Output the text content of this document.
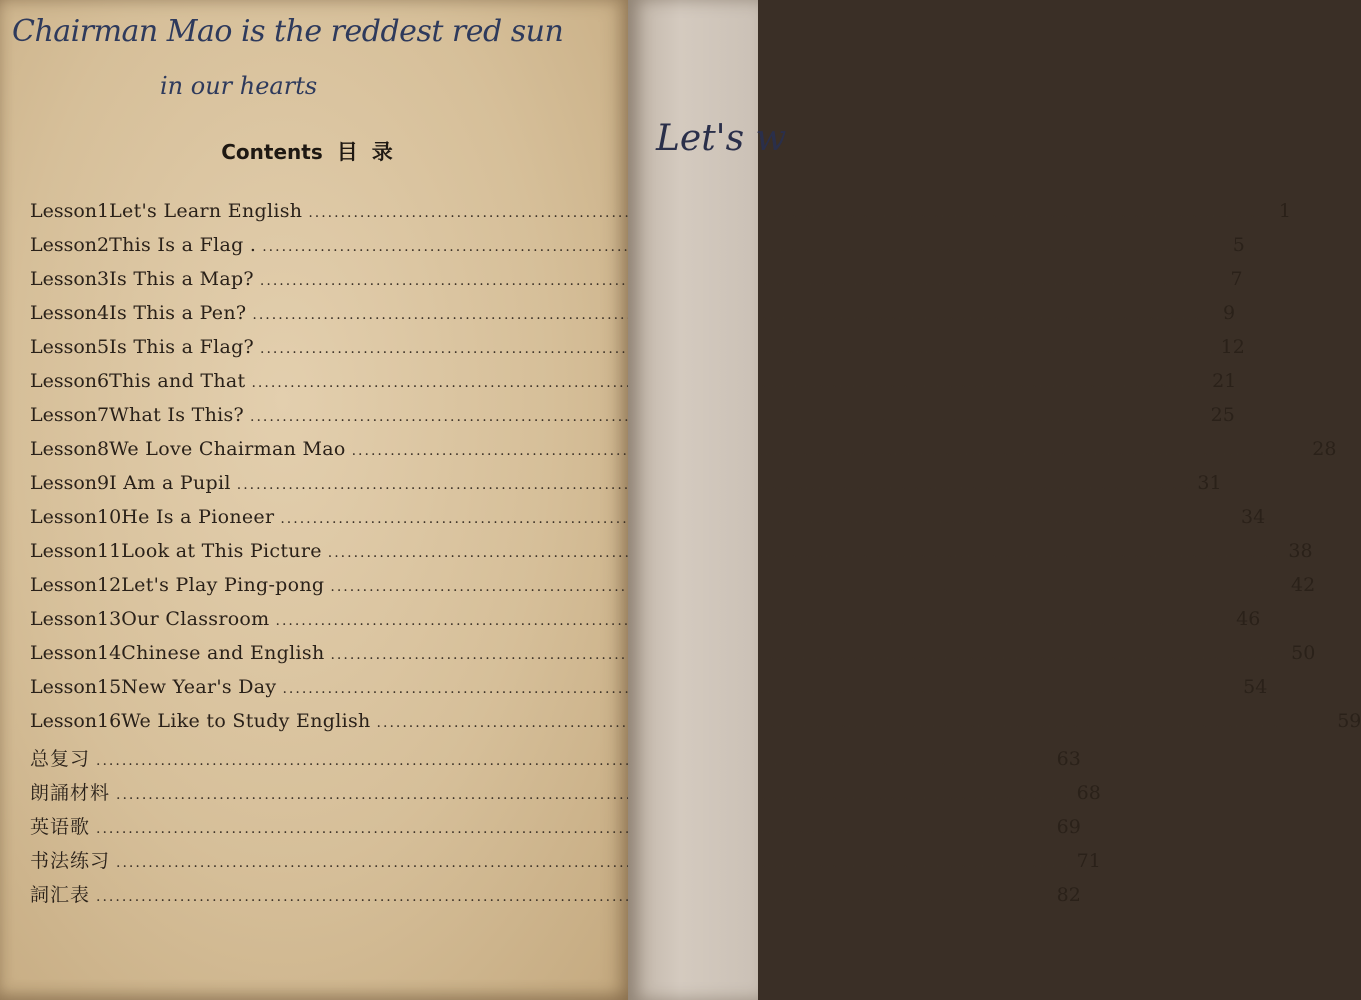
Chairman Mao is the reddest red sun
in our hearts
Contents 目录
Lesson 1 Let's Learn English .....	1
Lesson 2 This Is a Flag . .....	5
Lesson 3 Is This a Map? .....	7
Lesson 4 Is This a Pen? .....	9
Lesson 5 Is This a Flag? .....	12
Lesson 6 This and That .....	21
Lesson 7 What Is This? .....	25
Lesson 8 We Love Chairman Mao .....	28
Lesson 9 I Am a Pupil .....	31
Lesson 10 He Is a Pioneer .....	34
Lesson 11 Look at This Picture .....	38
Lesson 12 Let's Play Ping-pong .....	42
Lesson 13 Our Classroom .....	46
Lesson 14 Chinese and English .....	50
Lesson 15 New Year's Day .....	54
Lesson 16 We Like to Study English .....	59
总复习 .....	63
朗誦材料 .....	68
英语歌 .....	69
书法练习 .....	71
詞汇表 .....	82
Let's w
